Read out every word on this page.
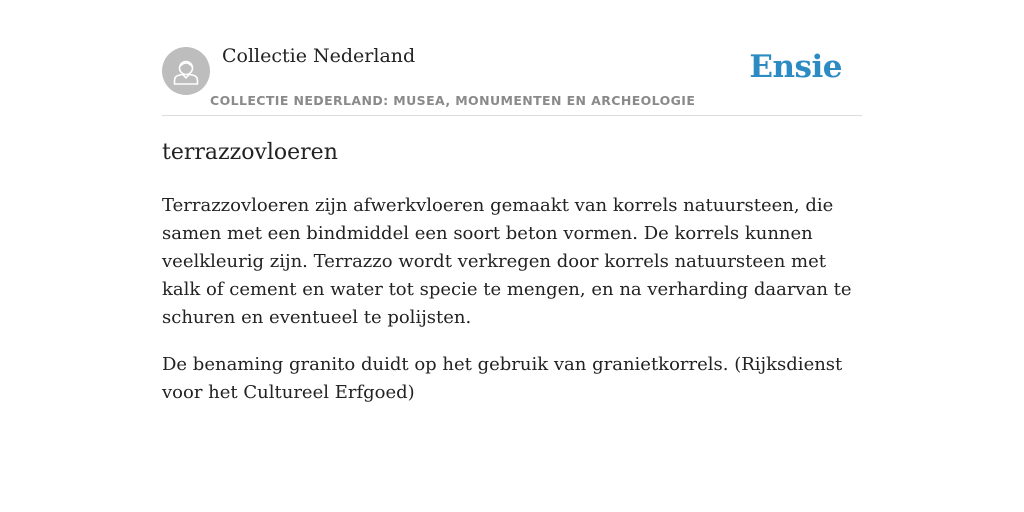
Collectie Nederland
COLLECTIE NEDERLAND: MUSEA, MONUMENTEN EN ARCHEOLOGIE
Ensie
terrazzovloeren

Terrazzovloeren zijn afwerkvloeren gemaakt van korrels natuursteen, die samen met een bindmiddel een soort beton vormen. De korrels kunnen veelkleurig zijn. Terrazzo wordt verkregen door korrels natuursteen met kalk of cement en water tot specie te mengen, en na verharding daarvan te schuren en eventueel te polijsten.

De benaming granito duidt op het gebruik van granietkorrels. (Rijksdienst voor het Cultureel Erfgoed)
